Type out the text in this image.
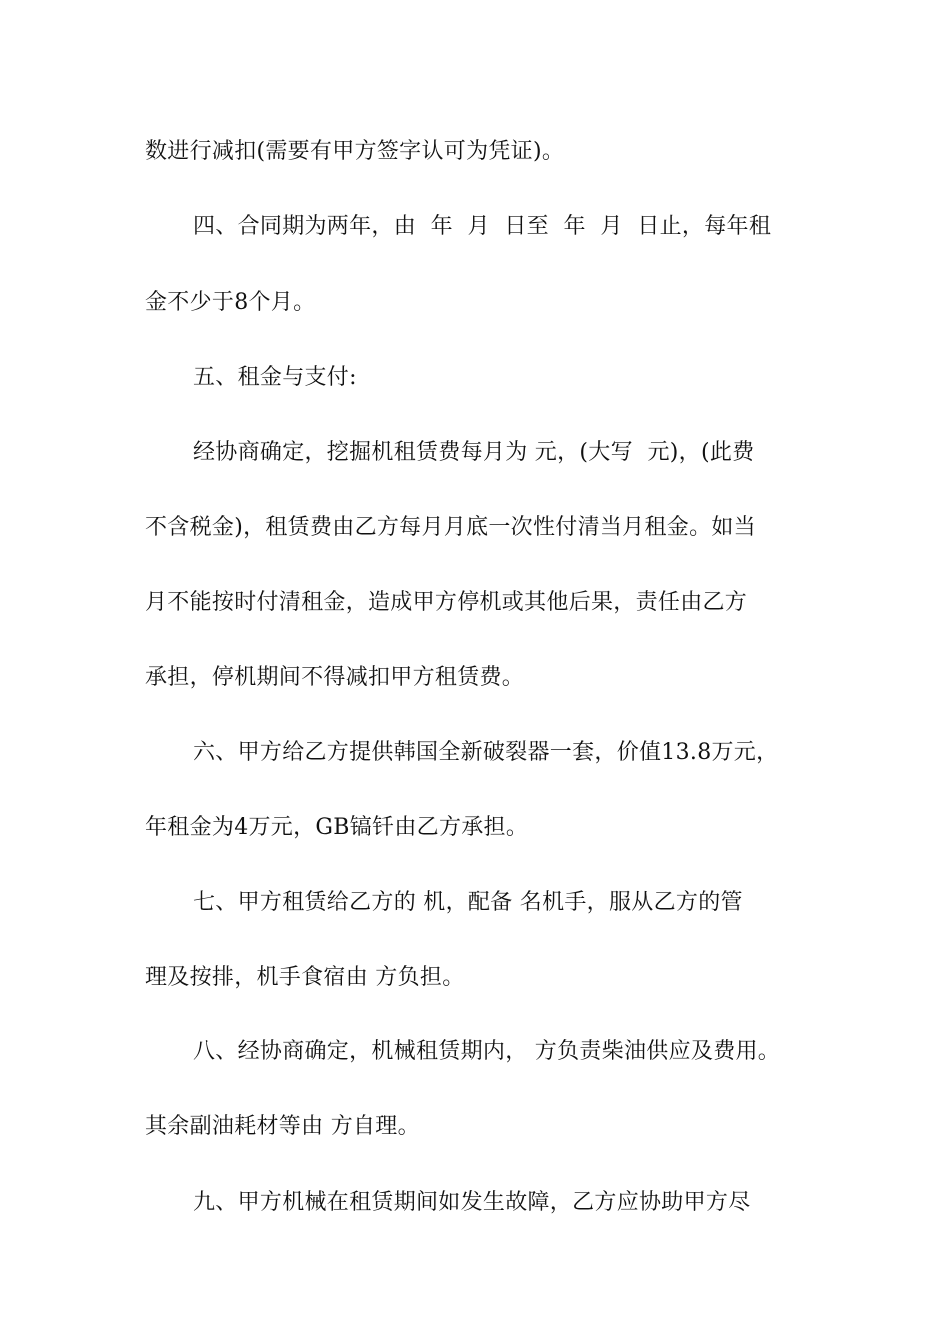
数进行减扣(需要有甲方签字认可为凭证)。
四、合同期为两年，由  年  月  日至  年  月  日止，每年租
金不少于8个月。
五、租金与支付:
经协商确定，挖掘机租赁费每月为 元，(大写  元)，(此费
不含税金)，租赁费由乙方每月月底一次性付清当月租金。如当
月不能按时付清租金，造成甲方停机或其他后果，责任由乙方
承担，停机期间不得减扣甲方租赁费。
六、甲方给乙方提供韩国全新破裂器一套，价值13.8万元，
年租金为4万元，GB镐钎由乙方承担。
七、甲方租赁给乙方的 机，配备 名机手，服从乙方的管
理及按排，机手食宿由 方负担。
八、经协商确定，机械租赁期内， 方负责柴油供应及费用。
其余副油耗材等由 方自理。
九、甲方机械在租赁期间如发生故障，乙方应协助甲方尽
